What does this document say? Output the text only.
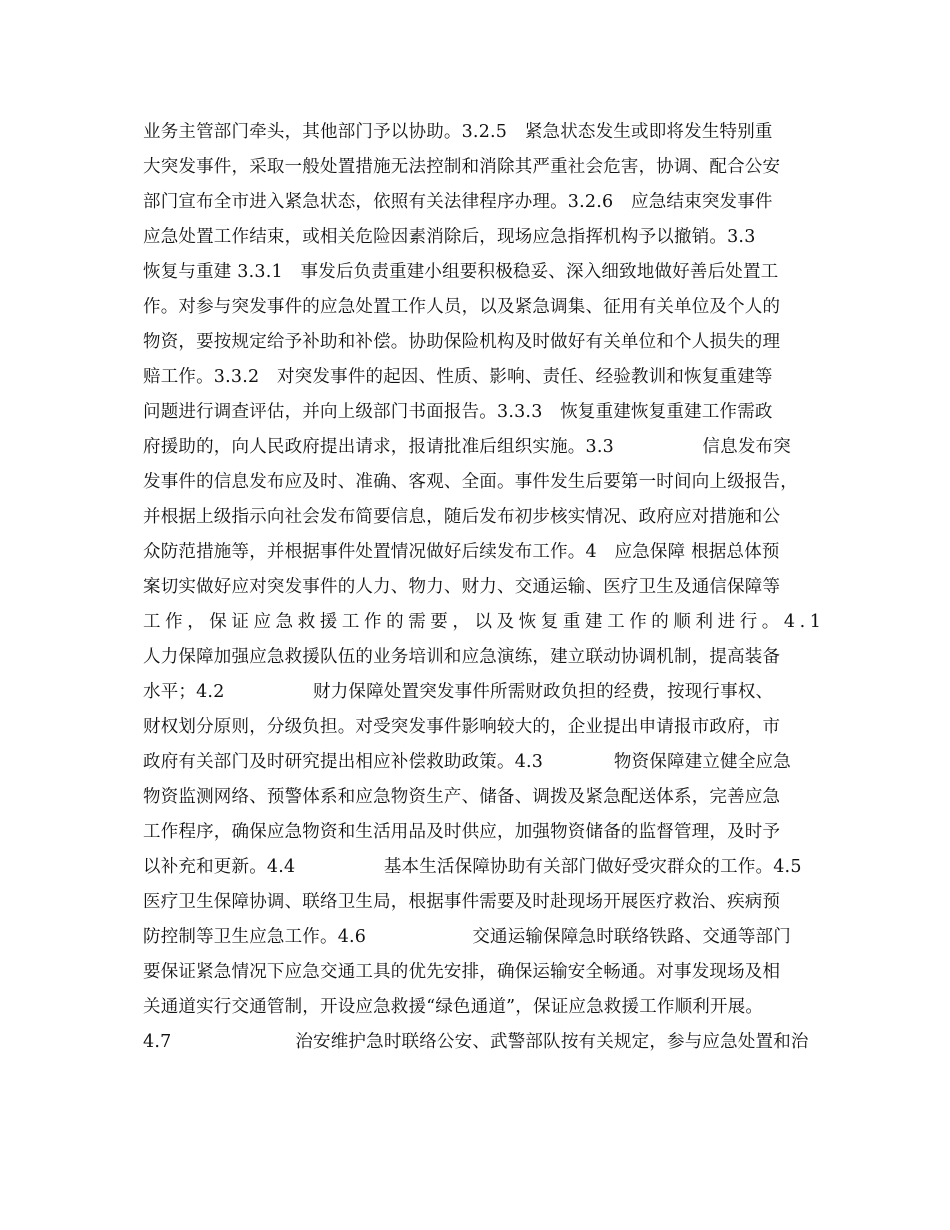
业务主管部门牵头，其他部门予以协助。3.2.5　紧急状态发生或即将发生特别重
大突发事件，采取一般处置措施无法控制和消除其严重社会危害，协调、配合公安
部门宣布全市进入紧急状态，依照有关法律程序办理。3.2.6　应急结束突发事件
应急处置工作结束，或相关危险因素消除后，现场应急指挥机构予以撤销。3.3
恢复与重建 3.3.1　事发后负责重建小组要积极稳妥、深入细致地做好善后处置工
作。对参与突发事件的应急处置工作人员，以及紧急调集、征用有关单位及个人的
物资，要按规定给予补助和补偿。协助保险机构及时做好有关单位和个人损失的理
赔工作。3.3.2　对突发事件的起因、性质、影响、责任、经验教训和恢复重建等
问题进行调查评估，并向上级部门书面报告。3.3.3　恢复重建恢复重建工作需政
府援助的，向人民政府提出请求，报请批准后组织实施。3.3　　　　　信息发布突
发事件的信息发布应及时、准确、客观、全面。事件发生后要第一时间向上级报告，
并根据上级指示向社会发布简要信息，随后发布初步核实情况、政府应对措施和公
众防范措施等，并根据事件处置情况做好后续发布工作。4　应急保障 根据总体预
案切实做好应对突发事件的人力、物力、财力、交通运输、医疗卫生及通信保障等
工作，保证应急救援工作的需要，以及恢复重建工作的顺利进行。4.1
人力保障加强应急救援队伍的业务培训和应急演练，建立联动协调机制，提高装备
水平；4.2　　　　　财力保障处置突发事件所需财政负担的经费，按现行事权、
财权划分原则，分级负担。对受突发事件影响较大的，企业提出申请报市政府，市
政府有关部门及时研究提出相应补偿救助政策。4.3　　　　物资保障建立健全应急
物资监测网络、预警体系和应急物资生产、储备、调拨及紧急配送体系，完善应急
工作程序，确保应急物资和生活用品及时供应，加强物资储备的监督管理，及时予
以补充和更新。4.4　　　　　基本生活保障协助有关部门做好受灾群众的工作。4.5
医疗卫生保障协调、联络卫生局，根据事件需要及时赴现场开展医疗救治、疾病预
防控制等卫生应急工作。4.6　　　　　　交通运输保障急时联络铁路、交通等部门
要保证紧急情况下应急交通工具的优先安排，确保运输安全畅通。对事发现场及相
关通道实行交通管制，开设应急救援“绿色通道”，保证应急救援工作顺利开展。
4.7　　　　　　　治安维护急时联络公安、武警部队按有关规定，参与应急处置和治
